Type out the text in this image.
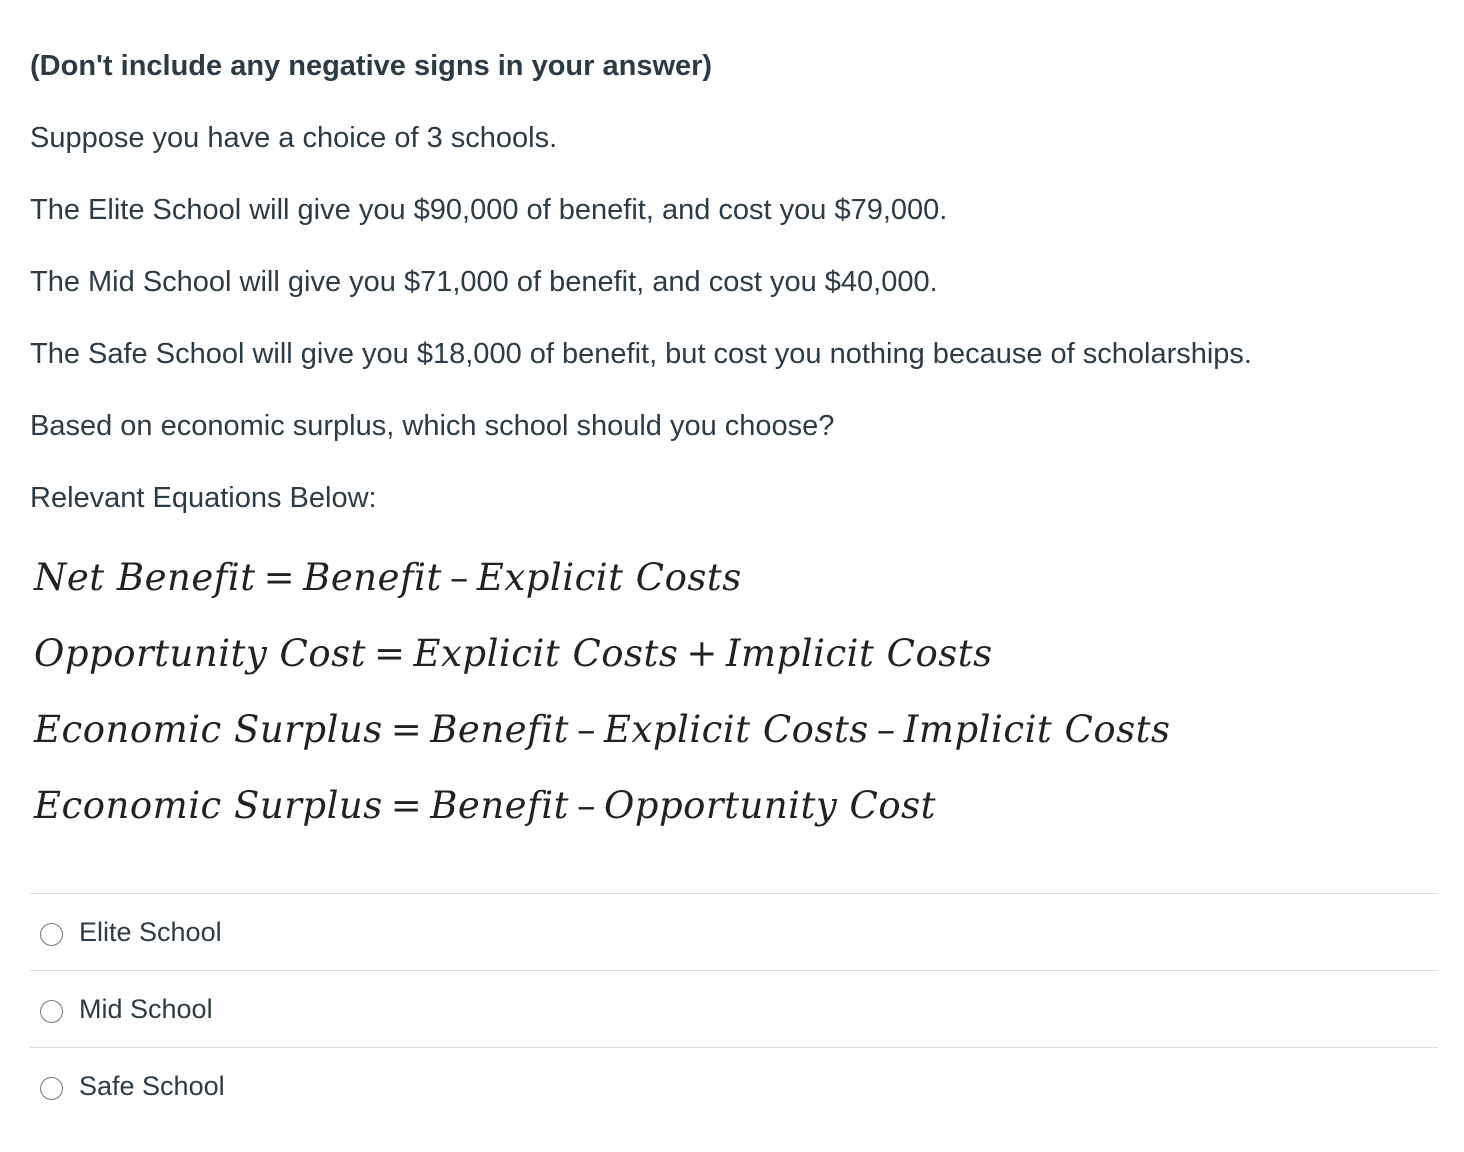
(Don't include any negative signs in your answer)
Suppose you have a choice of 3 schools.
The Elite School will give you $90,000 of benefit, and cost you $79,000.
The Mid School will give you $71,000 of benefit, and cost you $40,000.
The Safe School will give you $18,000 of benefit, but cost you nothing because of scholarships.
Based on economic surplus, which school should you choose?
Relevant Equations Below:
Net Benefit = Benefit – Explicit Costs
Opportunity Cost = Explicit Costs + Implicit Costs
Economic Surplus = Benefit – Explicit Costs – Implicit Costs
Economic Surplus = Benefit – Opportunity Cost
Elite School
Mid School
Safe School
